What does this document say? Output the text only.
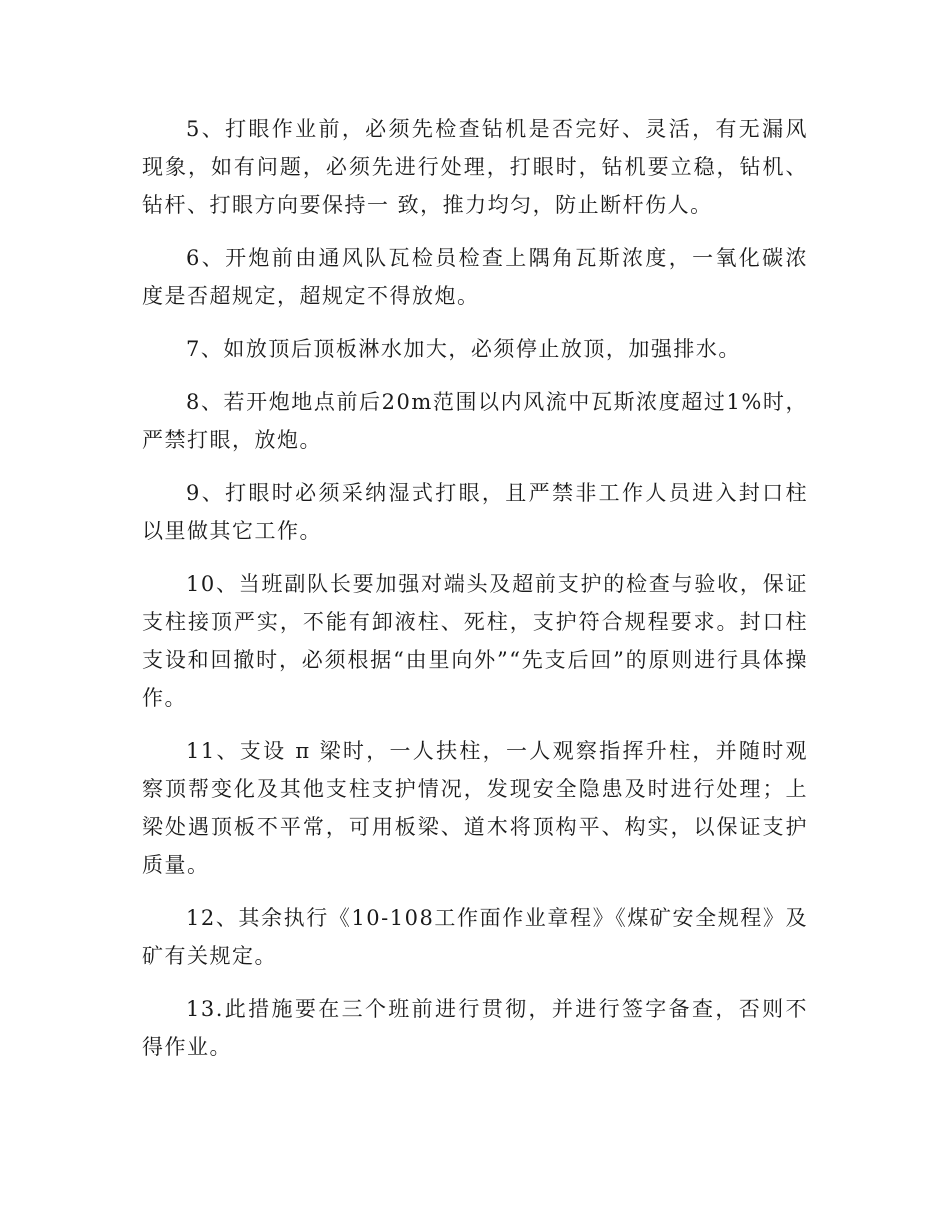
5、打眼作业前，必须先检查钻机是否完好、灵活，有无漏风现象，如有问题，必须先进行处理，打眼时，钻机要立稳，钻机、钻杆、打眼方向要保持一 致，推力均匀，防止断杆伤人。

6、开炮前由通风队瓦检员检查上隅角瓦斯浓度，一氧化碳浓度是否超规定，超规定不得放炮。

7、如放顶后顶板淋水加大，必须停止放顶，加强排水。

8、若开炮地点前后20m范围以内风流中瓦斯浓度超过1%时，严禁打眼，放炮。

9、打眼时必须采纳湿式打眼，且严禁非工作人员进入封口柱以里做其它工作。

10、当班副队长要加强对端头及超前支护的检查与验收，保证支柱接顶严实，不能有卸液柱、死柱，支护符合规程要求。封口柱支设和回撤时，必须根据“由里向外”“先支后回”的原则进行具体操作。

11、支设 π 梁时，一人扶柱，一人观察指挥升柱，并随时观察顶帮变化及其他支柱支护情况，发现安全隐患及时进行处理；上梁处遇顶板不平常，可用板梁、道木将顶构平、构实，以保证支护质量。

12、其余执行《10-108工作面作业章程》《煤矿安全规程》及矿有关规定。

13.此措施要在三个班前进行贯彻，并进行签字备查，否则不得作业。
